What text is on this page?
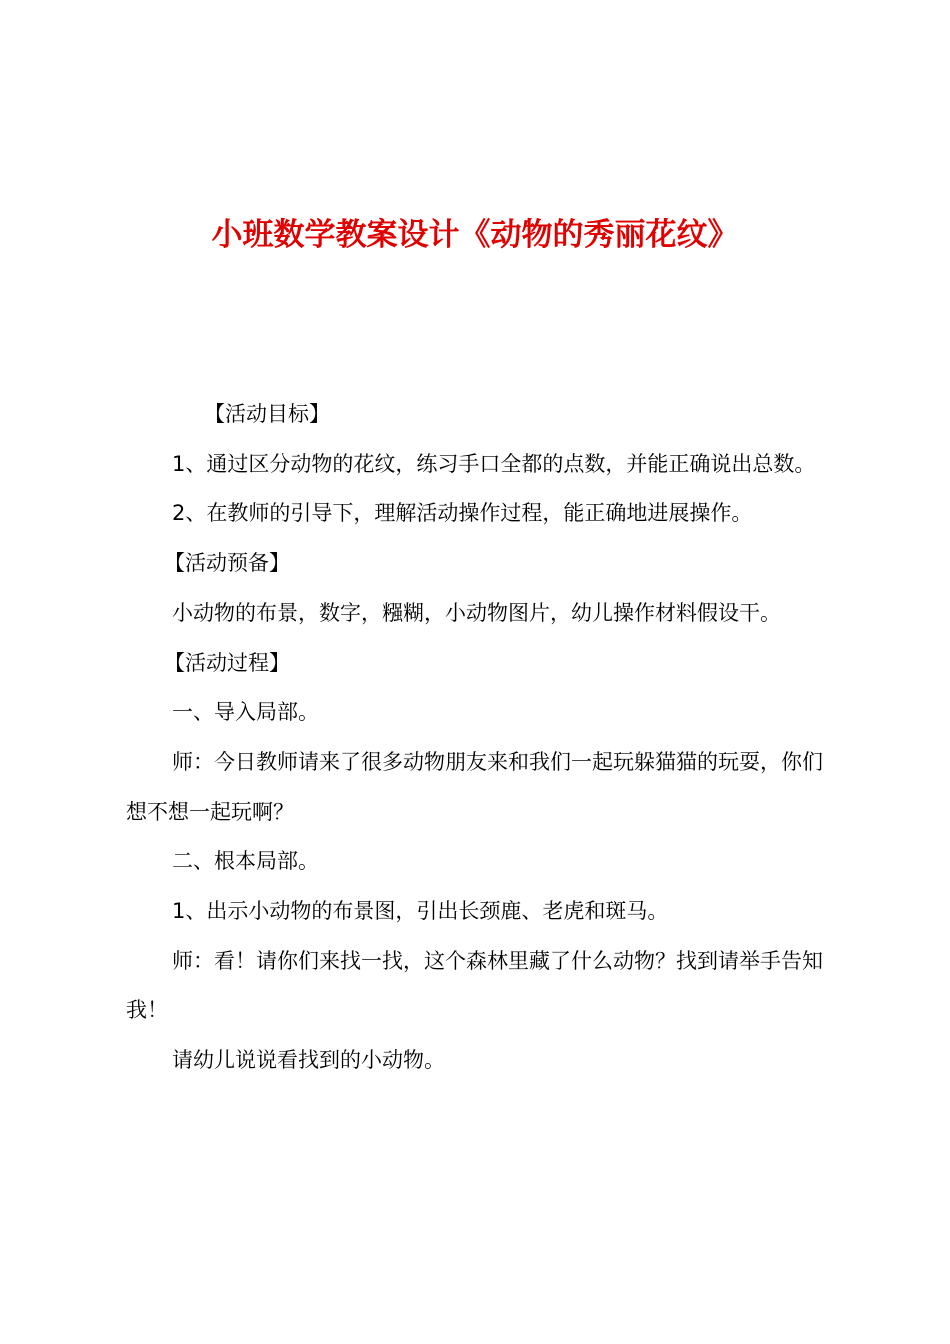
小班数学教案设计《动物的秀丽花纹》

【活动目标】

1、通过区分动物的花纹，练习手口全都的点数，并能正确说出总数。

2、在教师的引导下，理解活动操作过程，能正确地进展操作。

【活动预备】

小动物的布景，数字，糨糊，小动物图片，幼儿操作材料假设干。

【活动过程】

一、导入局部。

师：今日教师请来了很多动物朋友来和我们一起玩躲猫猫的玩耍，你们想不想一起玩啊？

二、根本局部。

1、出示小动物的布景图，引出长颈鹿、老虎和斑马。

师：看！请你们来找一找，这个森林里藏了什么动物？找到请举手告知我！

请幼儿说说看找到的小动物。
